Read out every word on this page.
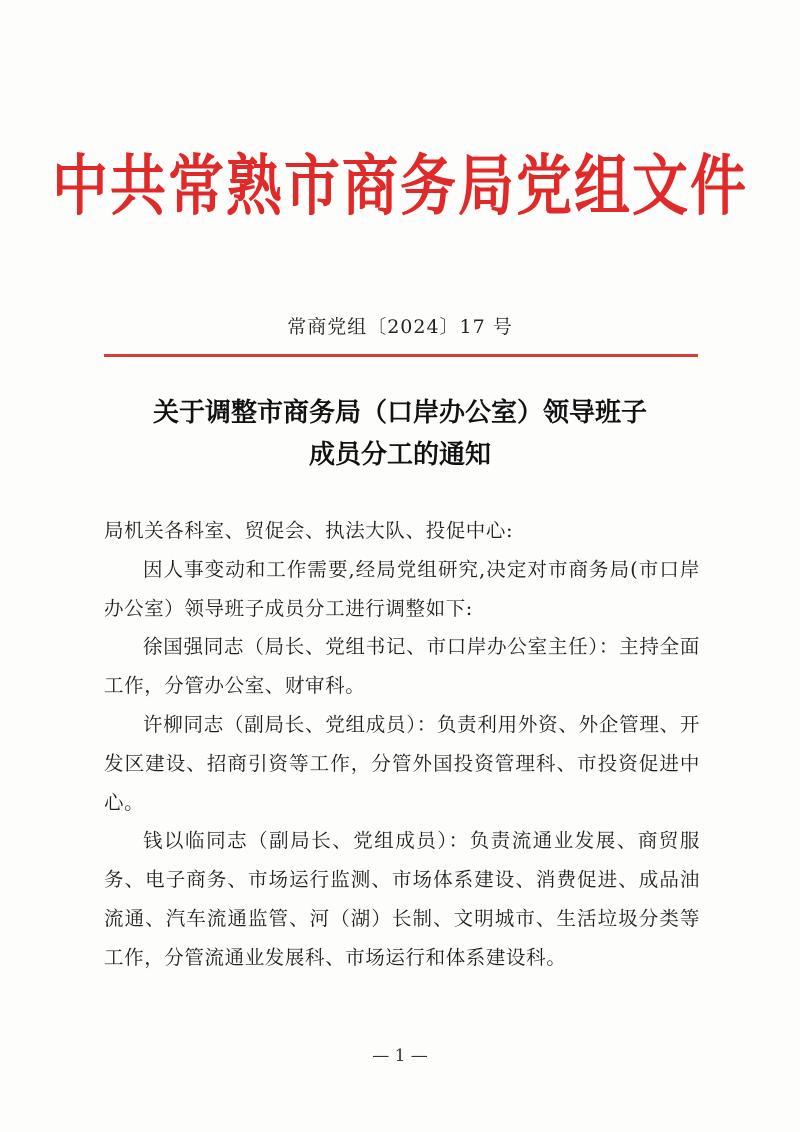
中共常熟市商务局党组文件
常商党组〔2024〕17 号
关于调整市商务局（口岸办公室）领导班子
成员分工的通知

局机关各科室、贸促会、执法大队、投促中心:

因人事变动和工作需要,经局党组研究,决定对市商务局(市口岸办公室）领导班子成员分工进行调整如下:

徐国强同志（局长、党组书记、市口岸办公室主任）：主持全面工作，分管办公室、财审科。

许柳同志（副局长、党组成员）：负责利用外资、外企管理、开发区建设、招商引资等工作，分管外国投资管理科、市投资促进中心。

钱以临同志（副局长、党组成员）：负责流通业发展、商贸服务、电子商务、市场运行监测、市场体系建设、消费促进、成品油流通、汽车流通监管、河（湖）长制、文明城市、生活垃圾分类等工作，分管流通业发展科、市场运行和体系建设科。

— 1 —
